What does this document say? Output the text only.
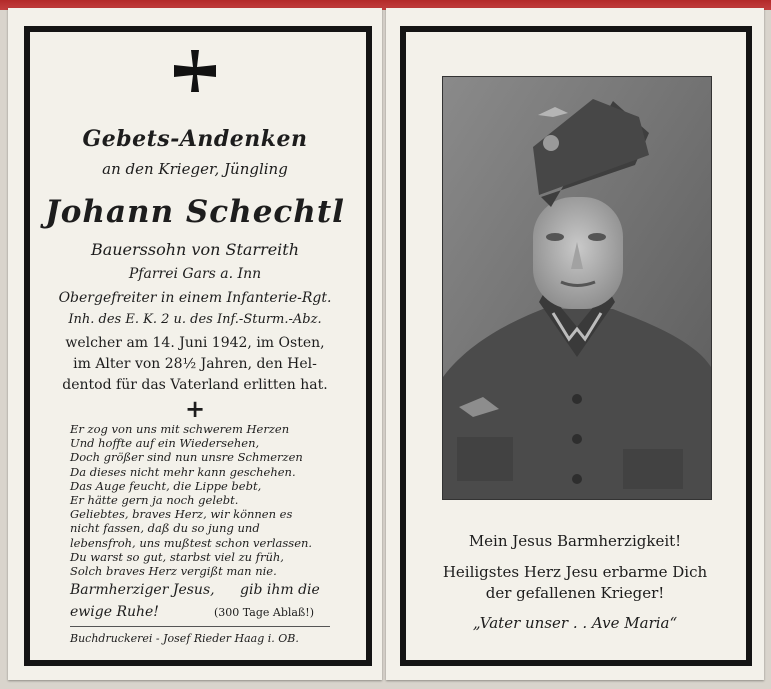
Gebets-Andenken
an den Krieger, Jüngling
Johann Schechtl
Bauerssohn von Starreith
Pfarrei Gars a. Inn
Obergefreiter in einem Infanterie-Rgt.
Inh. des E. K. 2 u. des Inf.-Sturm.-Abz.
welcher am 14. Juni 1942, im Osten,
im Alter von 28½ Jahren, den Hel-
dentod für das Vaterland erlitten hat.
+
Er zog von uns mit schwerem Herzen
Und hoffte auf ein Wiedersehen,
Doch größer sind nun unsre Schmerzen
Da dieses nicht mehr kann geschehen.
Das Auge feucht, die Lippe bebt,
Er hätte gern ja noch gelebt.
Geliebtes, braves Herz, wir können es
nicht fassen, daß du so jung und
lebensfroh, uns mußtest schon verlassen.
Du warst so gut, starbst viel zu früh,
Solch braves Herz vergißt man nie.
Barmherziger Jesus, gib ihm die
ewige Ruhe!	(300 Tage Ablaß!)
Buchdruckerei - Josef Rieder Haag i. OB.
Mein Jesus Barmherzigkeit!
Heiligstes Herz Jesu erbarme Dich
der gefallenen Krieger!
„Vater unser . . Ave Maria“
